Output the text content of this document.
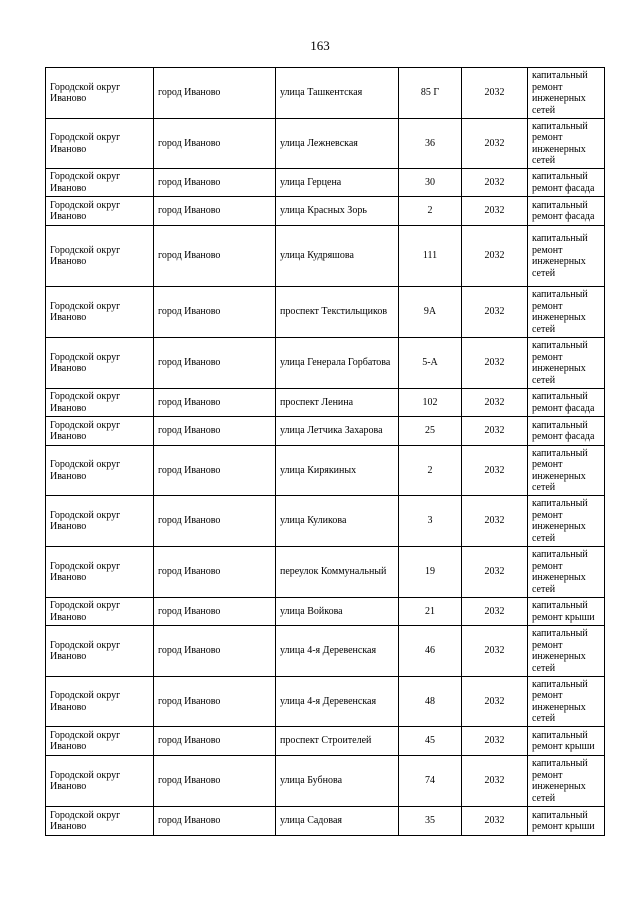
163
Городской округ Иваново	город Иваново	улица Ташкентская	85 Г	2032	капитальный ремонт инженерных сетей
Городской округ Иваново	город Иваново	улица Лежневская	36	2032	капитальный ремонт инженерных сетей
Городской округ Иваново	город Иваново	улица Герцена	30	2032	капитальный ремонт фасада
Городской округ Иваново	город Иваново	улица Красных Зорь	2	2032	капитальный ремонт фасада
Городской округ Иваново	город Иваново	улица Кудряшова	111	2032	капитальный ремонт инженерных сетей
Городской округ Иваново	город Иваново	проспект Текстильщиков	9А	2032	капитальный ремонт инженерных сетей
Городской округ Иваново	город Иваново	улица Генерала Горбатова	5-А	2032	капитальный ремонт инженерных сетей
Городской округ Иваново	город Иваново	проспект Ленина	102	2032	капитальный ремонт фасада
Городской округ Иваново	город Иваново	улица Летчика Захарова	25	2032	капитальный ремонт фасада
Городской округ Иваново	город Иваново	улица Кирякиных	2	2032	капитальный ремонт инженерных сетей
Городской округ Иваново	город Иваново	улица Куликова	3	2032	капитальный ремонт инженерных сетей
Городской округ Иваново	город Иваново	переулок Коммунальный	19	2032	капитальный ремонт инженерных сетей
Городской округ Иваново	город Иваново	улица Войкова	21	2032	капитальный ремонт крыши
Городской округ Иваново	город Иваново	улица 4-я Деревенская	46	2032	капитальный ремонт инженерных сетей
Городской округ Иваново	город Иваново	улица 4-я Деревенская	48	2032	капитальный ремонт инженерных сетей
Городской округ Иваново	город Иваново	проспект Строителей	45	2032	капитальный ремонт крыши
Городской округ Иваново	город Иваново	улица Бубнова	74	2032	капитальный ремонт инженерных сетей
Городской округ Иваново	город Иваново	улица Садовая	35	2032	капитальный ремонт крыши
